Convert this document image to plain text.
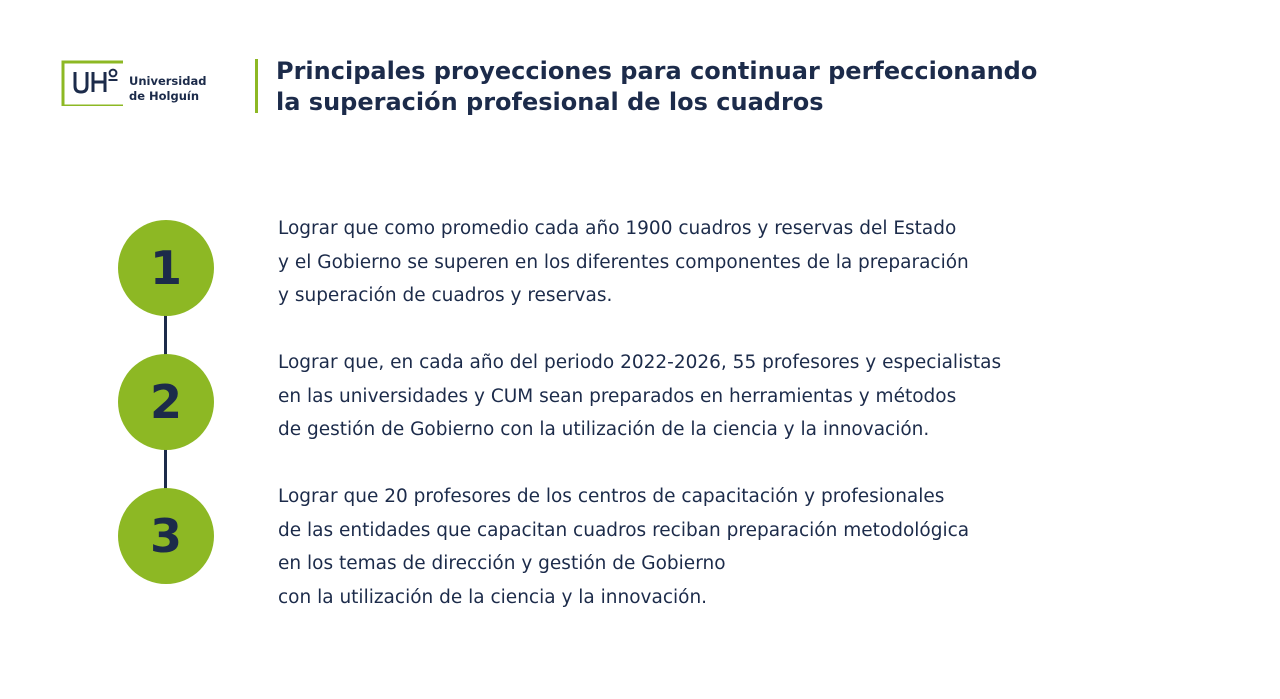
Universidad
de Holguín
Principales proyecciones para continuar perfeccionando
la superación profesional de los cuadros
1

Lograr que como promedio cada año 1900 cuadros y reservas del Estado
y el Gobierno se superen en los diferentes componentes de la preparación
y superación de cuadros y reservas.

2

Lograr que, en cada año del periodo 2022-2026, 55 profesores y especialistas
en las universidades y CUM sean preparados en herramientas y métodos
de gestión de Gobierno con la utilización de la ciencia y la innovación.

3

Lograr que 20 profesores de los centros de capacitación y profesionales
de las entidades que capacitan cuadros reciban preparación metodológica
en los temas de dirección y gestión de Gobierno
con la utilización de la ciencia y la innovación.
